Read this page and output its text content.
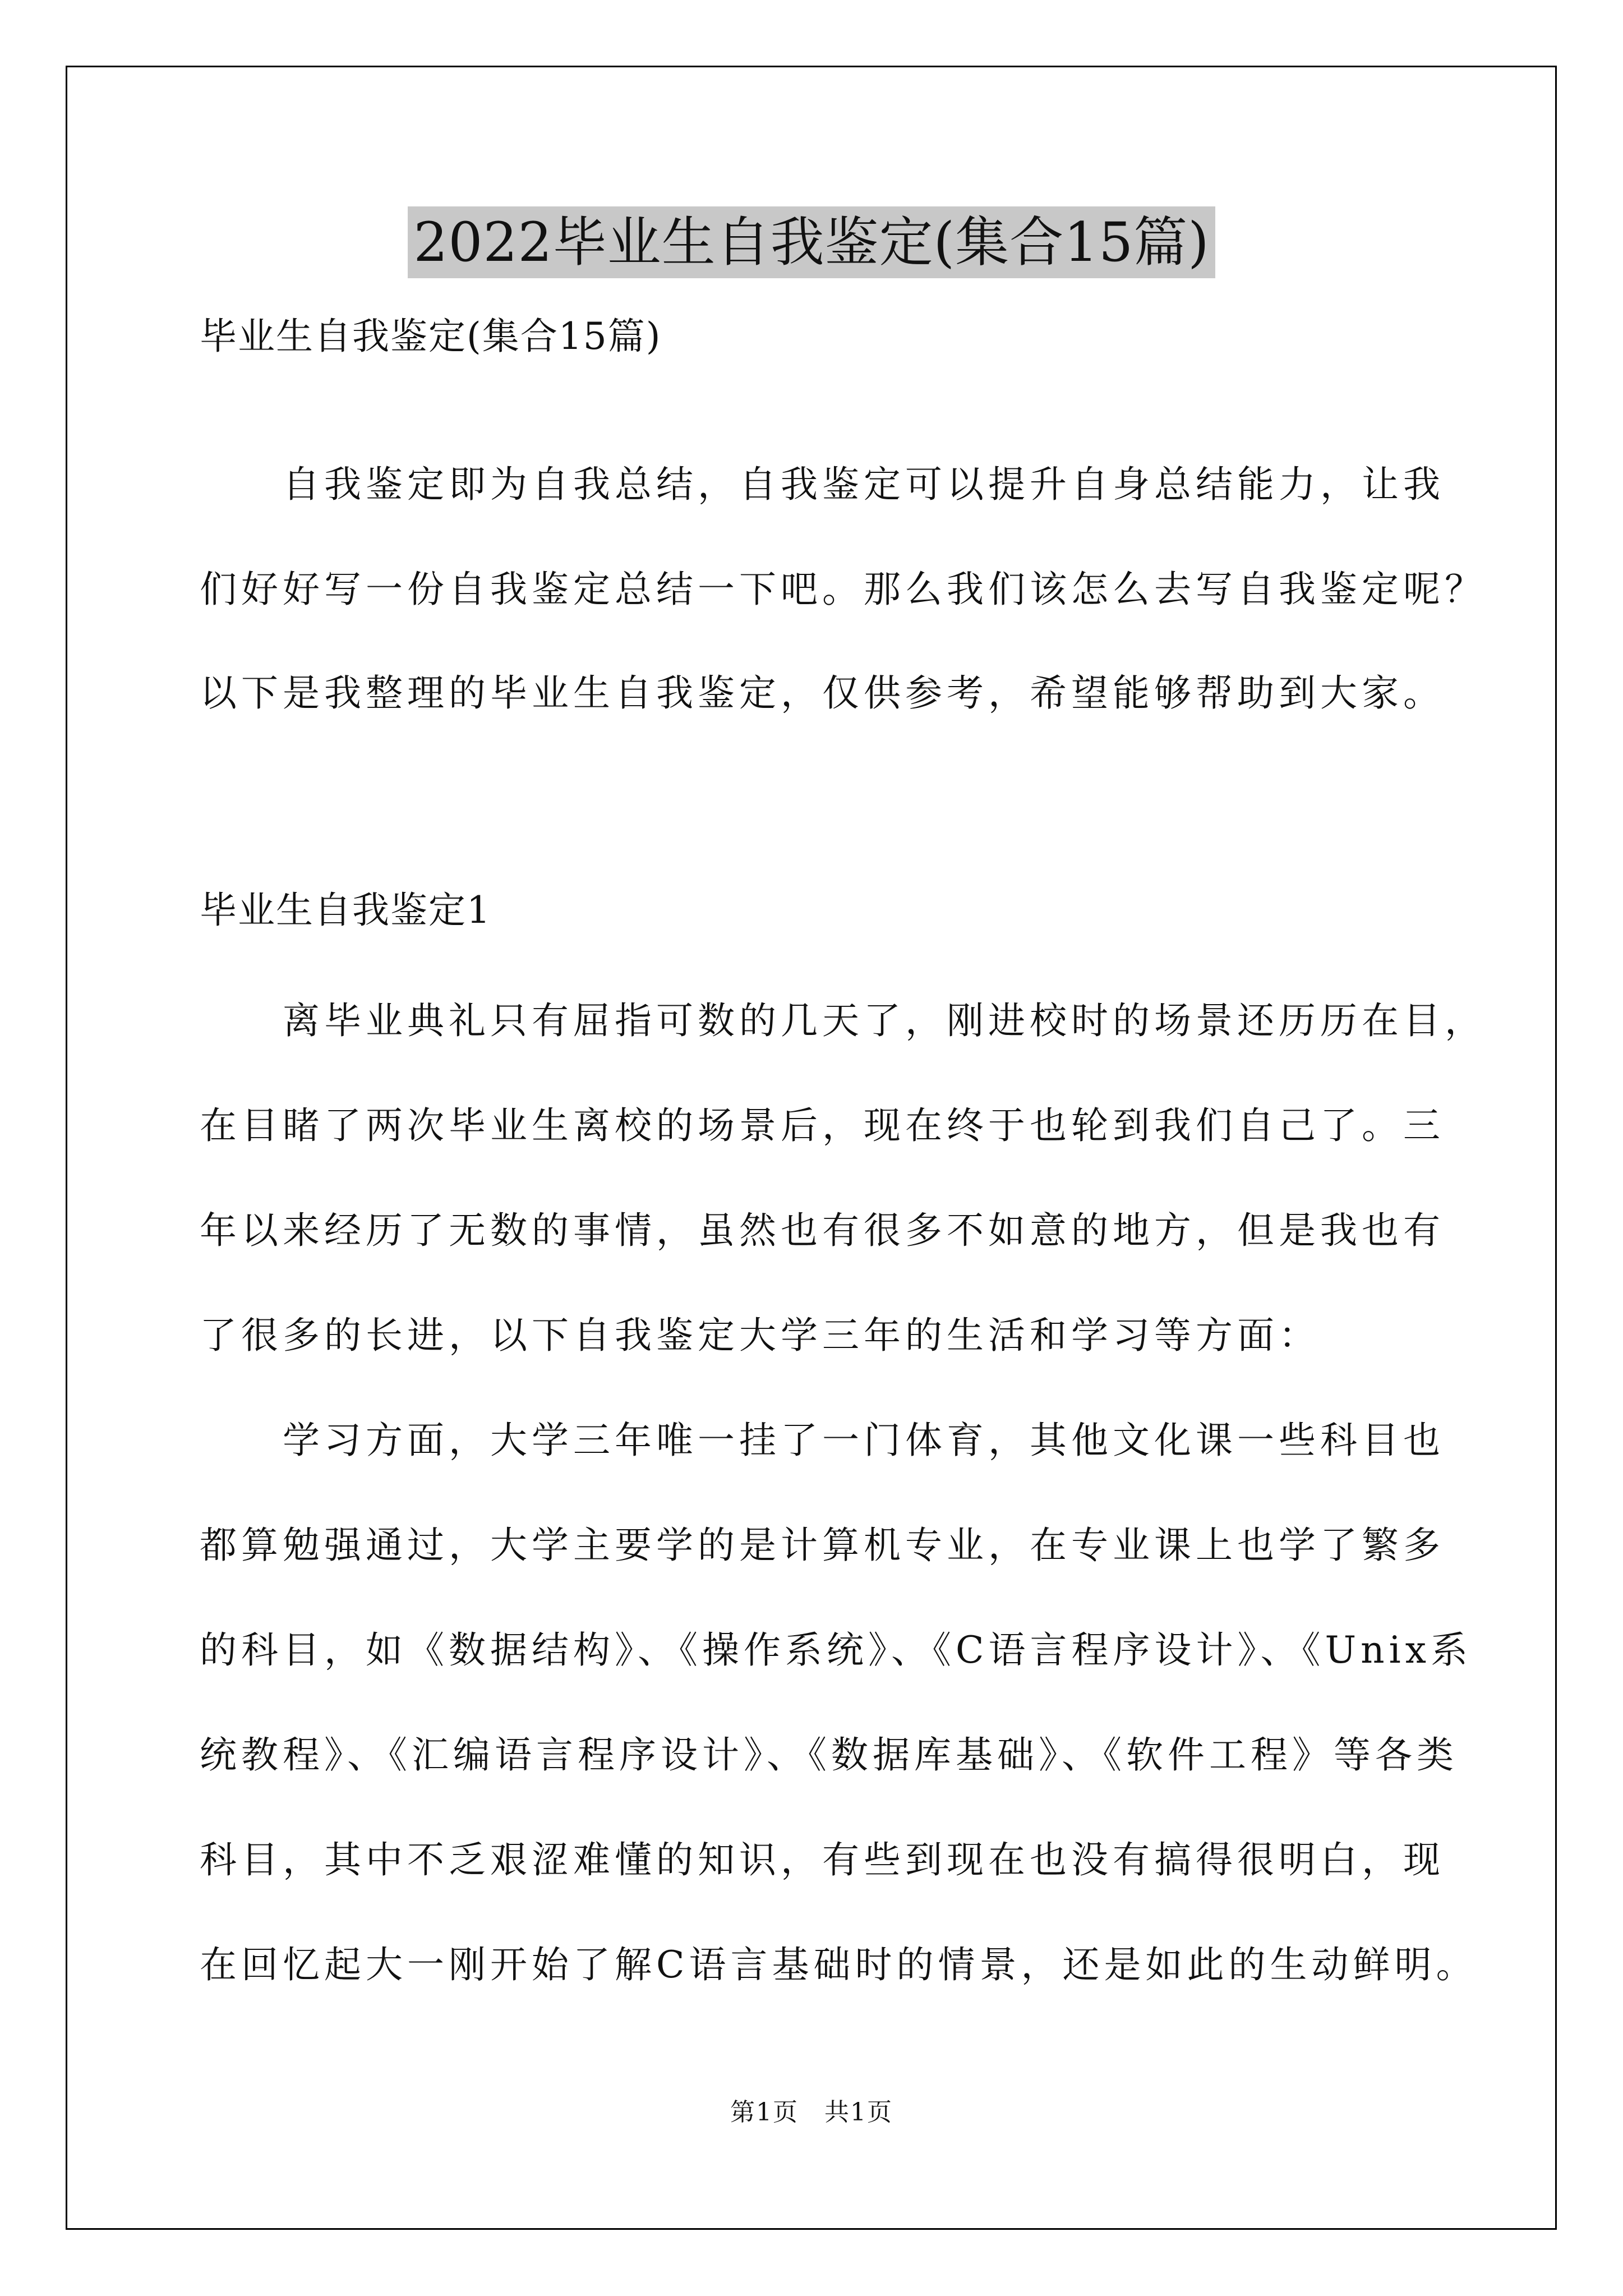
2022毕业生自我鉴定(集合15篇)
毕业生自我鉴定(集合15篇)
　　自我鉴定即为自我总结，自我鉴定可以提升自身总结能力，让我
们好好写一份自我鉴定总结一下吧。那么我们该怎么去写自我鉴定呢？
以下是我整理的毕业生自我鉴定，仅供参考，希望能够帮助到大家。
毕业生自我鉴定1
　　离毕业典礼只有屈指可数的几天了，刚进校时的场景还历历在目，
在目睹了两次毕业生离校的场景后，现在终于也轮到我们自己了。三
年以来经历了无数的事情，虽然也有很多不如意的地方，但是我也有
了很多的长进，以下自我鉴定大学三年的生活和学习等方面：
　　学习方面，大学三年唯一挂了一门体育，其他文化课一些科目也
都算勉强通过，大学主要学的是计算机专业，在专业课上也学了繁多
的科目，如《数据结构》、《操作系统》、《C语言程序设计》、《Unix系
统教程》、《汇编语言程序设计》、《数据库基础》、《软件工程》等各类
科目，其中不乏艰涩难懂的知识，有些到现在也没有搞得很明白，现
在回忆起大一刚开始了解C语言基础时的情景，还是如此的生动鲜明。
第1页　共1页
